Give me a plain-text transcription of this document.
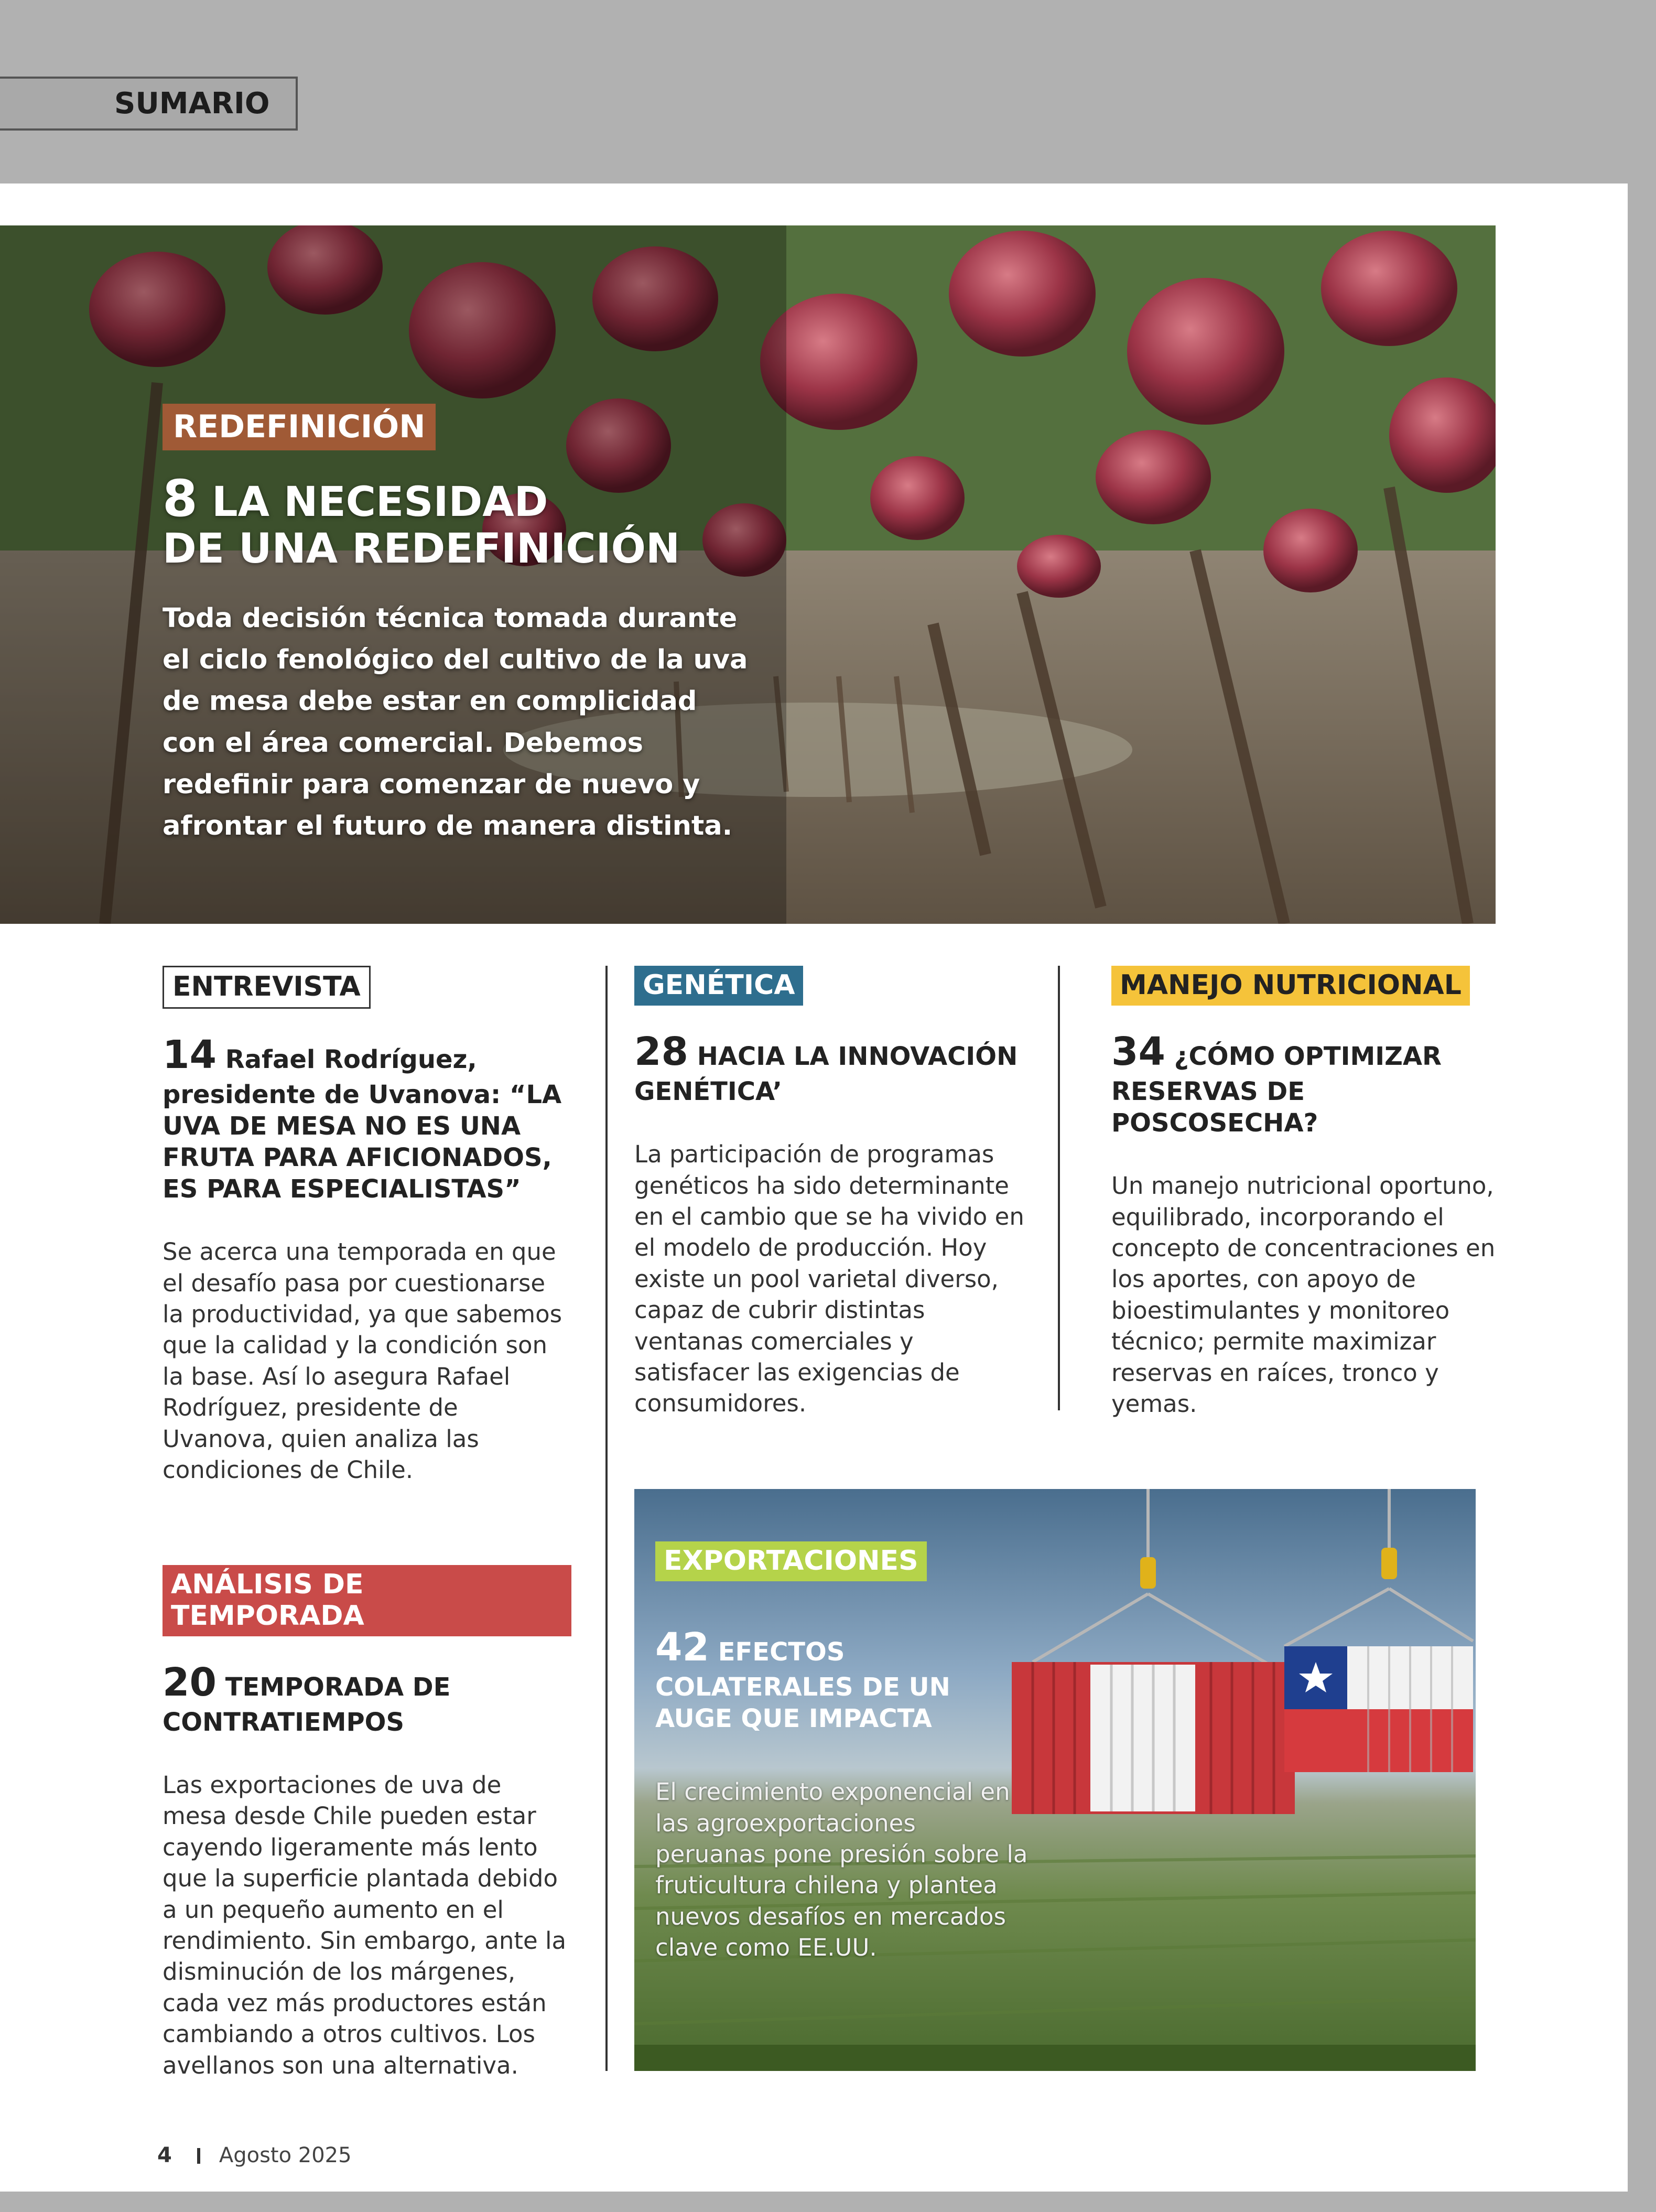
SUMARIO
REDEFINICIÓN
8 LA NECESIDAD
DE UNA REDEFINICIÓN
Toda decisión técnica tomada durante el ciclo fenológico del cultivo de la uva de mesa debe estar en complicidad con el área comercial. Debemos redefinir para comenzar de nuevo y afrontar el futuro de manera distinta.
ENTREVISTA
14 Rafael Rodríguez, presidente de Uvanova: “LA UVA DE MESA NO ES UNA FRUTA PARA AFICIONADOS, ES PARA ESPECIALISTAS”
Se acerca una temporada en que el desafío pasa por cuestionarse la productividad, ya que sabemos que la calidad y la condición son la base. Así lo asegura Rafael Rodríguez, presidente de Uvanova, quien analiza las condiciones de Chile.
ANÁLISIS DE TEMPORADA
20 TEMPORADA DE CONTRATIEMPOS
Las exportaciones de uva de mesa desde Chile pueden estar cayendo ligeramente más lento que la superficie plantada debido a un pequeño aumento en el rendimiento. Sin embargo, ante la disminución de los márgenes, cada vez más productores están cambiando a otros cultivos. Los avellanos son una alternativa.
GENÉTICA
28 HACIA LA INNOVACIÓN GENÉTICA’
La participación de programas genéticos ha sido determinante en el cambio que se ha vivido en el modelo de producción. Hoy existe un pool varietal diverso, capaz de cubrir distintas ventanas comerciales y satisfacer las exigencias de consumidores.
MANEJO NUTRICIONAL
34 ¿CÓMO OPTIMIZAR RESERVAS DE POSCOSECHA?
Un manejo nutricional oportuno, equilibrado, incorporando el concepto de concentraciones en los aportes, con apoyo de bioestimulantes y monitoreo técnico; permite maximizar reservas en raíces, tronco y yemas.
EXPORTACIONES
42 EFECTOS COLATERALES DE UN AUGE QUE IMPACTA
El crecimiento exponencial en las agroexportaciones peruanas pone presión sobre la fruticultura chilena y plantea nuevos desafíos en mercados clave como EE.UU.
4 Agosto 2025
